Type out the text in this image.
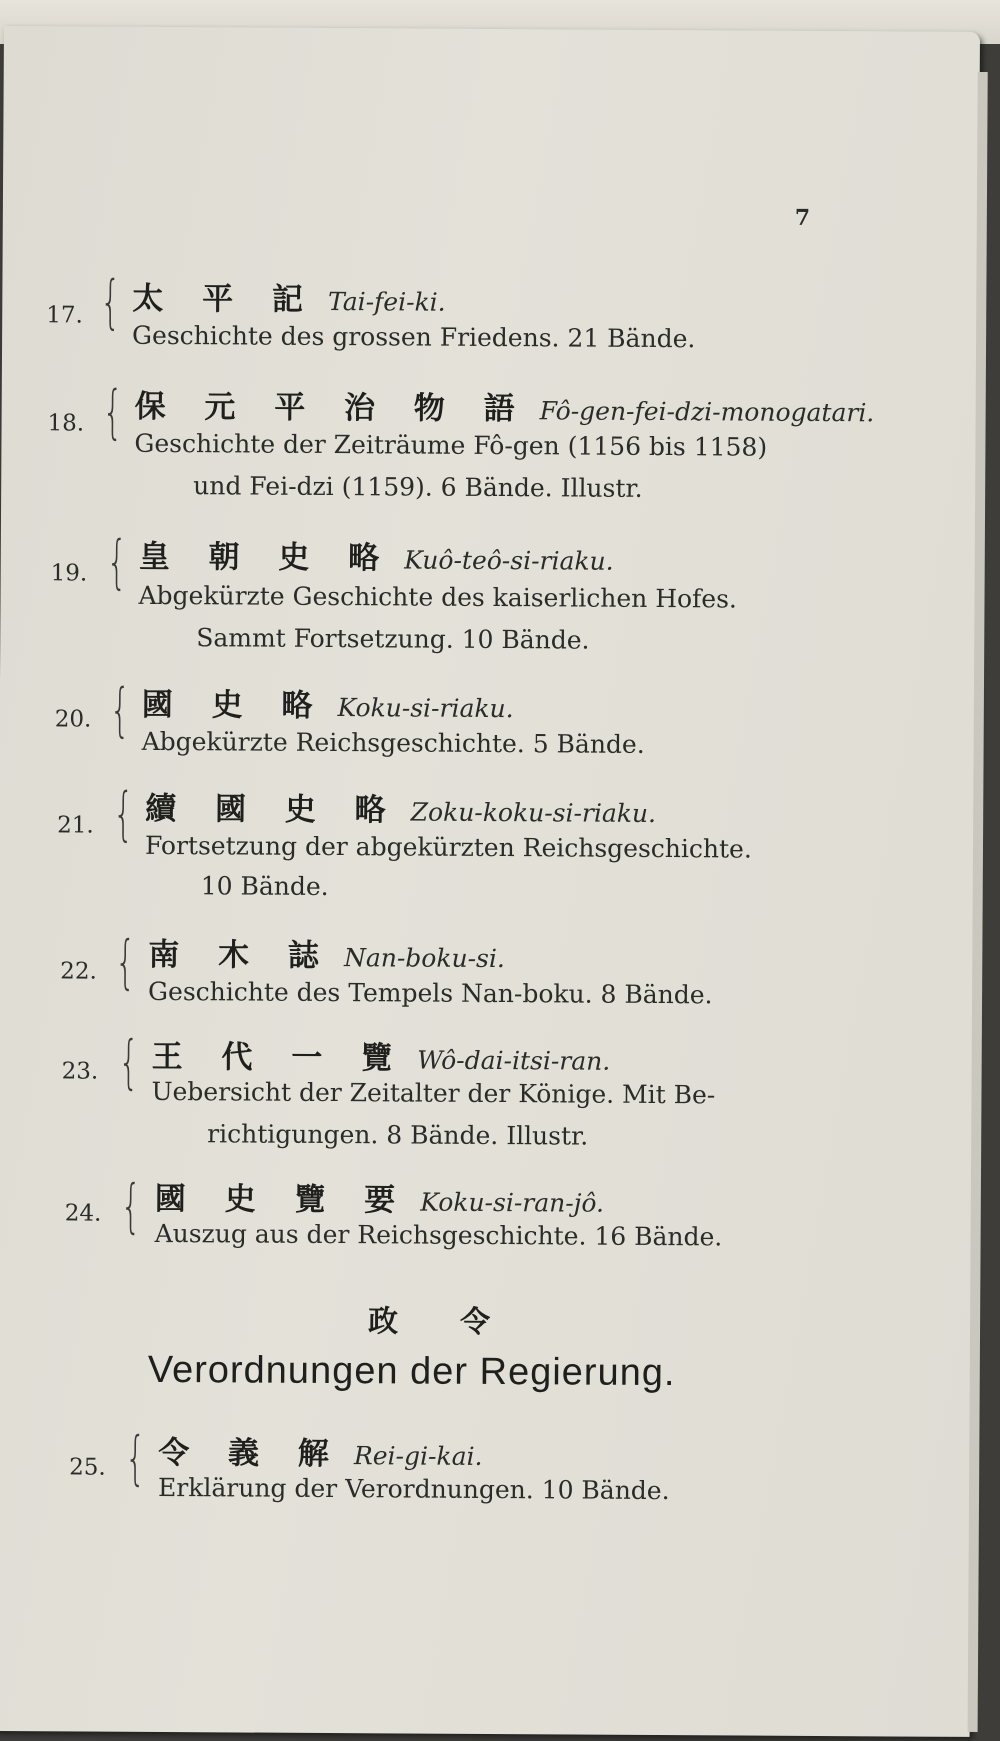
7
17. { 太 平 記 Tai-fei-ki.
Geschichte des grossen Friedens. 21 Bände.
18. { 保 元 平 治 物 語 Fô-gen-fei-dzi-monogatari.
Geschichte der Zeiträume Fô-gen (1156 bis 1158)
und Fei-dzi (1159). 6 Bände. Illustr.
19. { 皇 朝 史 略 Kuô-teô-si-riaku.
Abgekürzte Geschichte des kaiserlichen Hofes.
Sammt Fortsetzung. 10 Bände.
20. { 國 史 略 Koku-si-riaku.
Abgekürzte Reichsgeschichte. 5 Bände.
21. { 續 國 史 略 Zoku-koku-si-riaku.
Fortsetzung der abgekürzten Reichsgeschichte.
10 Bände.
22. { 南 木 誌 Nan-boku-si.
Geschichte des Tempels Nan-boku. 8 Bände.
23. { 王 代 一 覽 Wô-dai-itsi-ran.
Uebersicht der Zeitalter der Könige. Mit Be-
richtigungen. 8 Bände. Illustr.
24. { 國 史 覽 要 Koku-si-ran-jô.
Auszug aus der Reichsgeschichte. 16 Bände.
政令
Verordnungen der Regierung.
25. { 令 義 解 Rei-gi-kai.
Erklärung der Verordnungen. 10 Bände.
